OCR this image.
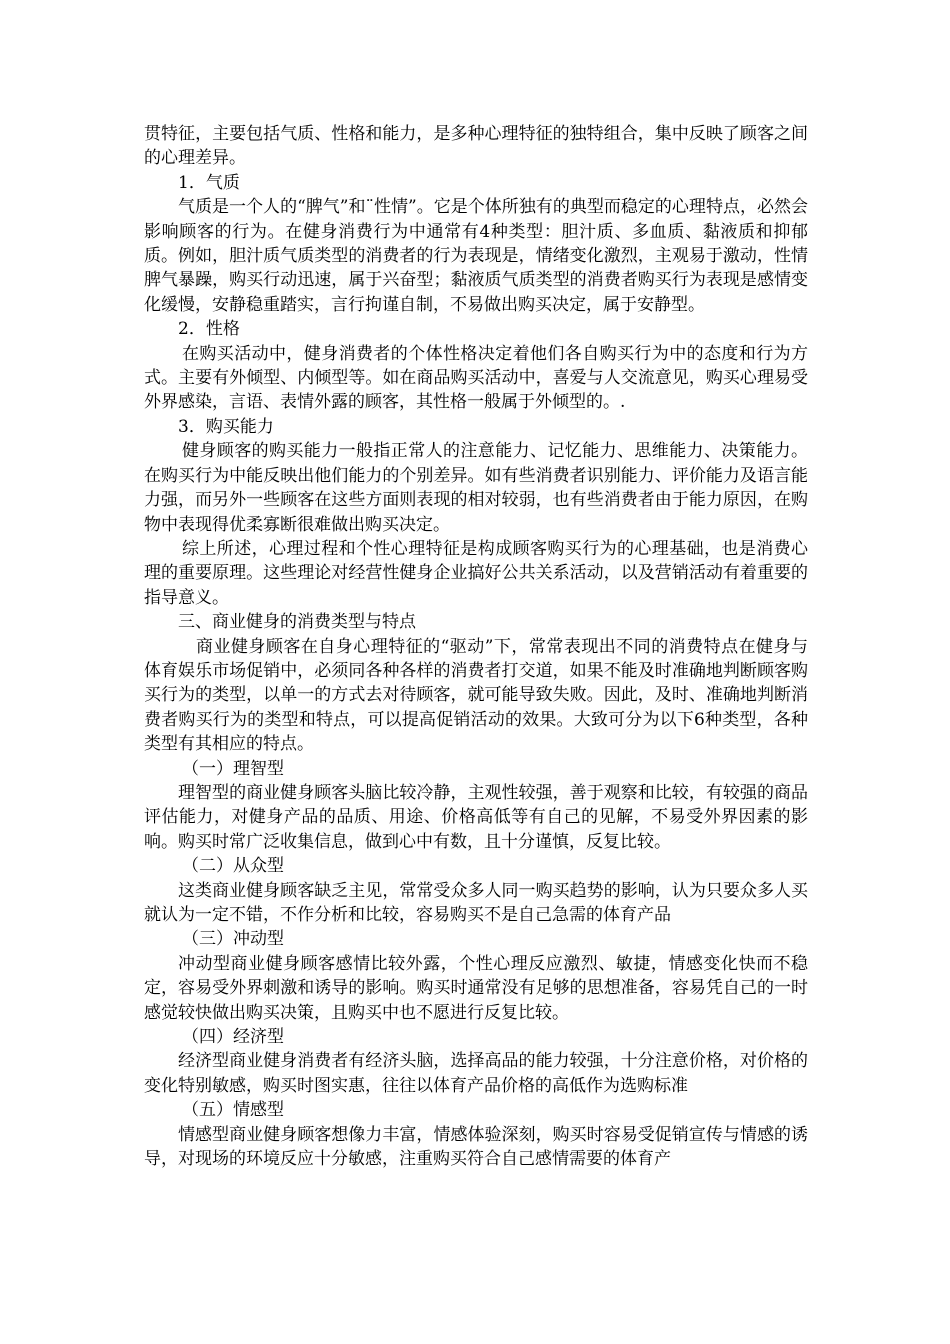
贯特征，主要包括气质、性格和能力，是多种心理特征的独特组合，集中反映了顾客之间的心理差异。

1．气质

气质是一个人的“脾气”和¨性情”。它是个体所独有的典型而稳定的心理特点，必然会影响顾客的行为。在健身消费行为中通常有4种类型：胆汁质、多血质、黏液质和抑郁质。例如，胆汁质气质类型的消费者的行为表现是，情绪变化激烈，主观易于激动，性情脾气暴躁，购买行动迅速，属于兴奋型；黏液质气质类型的消费者购买行为表现是感情变化缓慢，安静稳重踏实，言行拘谨自制，不易做出购买决定，属于安静型。

2．性格

在购买活动中，健身消费者的个体性格决定着他们各自购买行为中的态度和行为方式。主要有外倾型、内倾型等。如在商品购买活动中，喜爱与人交流意见，购买心理易受外界感染，言语、表情外露的顾客，其性格一般属于外倾型的。.

3．购买能力

健身顾客的购买能力一般指正常人的注意能力、记忆能力、思维能力、决策能力。在购买行为中能反映出他们能力的个别差异。如有些消费者识别能力、评价能力及语言能力强，而另外一些顾客在这些方面则表现的相对较弱，也有些消费者由于能力原因，在购物中表现得优柔寡断很难做出购买决定。

综上所述，心理过程和个性心理特征是构成顾客购买行为的心理基础，也是消费心理的重要原理。这些理论对经营性健身企业搞好公共关系活动，以及营销活动有着重要的指导意义。

三、商业健身的消费类型与特点

商业健身顾客在自身心理特征的“驱动”下，常常表现出不同的消费特点在健身与体育娱乐市场促销中，必须同各种各样的消费者打交道，如果不能及时准确地判断顾客购买行为的类型，以单一的方式去对待顾客，就可能导致失败。因此，及时、准确地判断消费者购买行为的类型和特点，可以提高促销活动的效果。大致可分为以下6种类型，各种类型有其相应的特点。

（一）理智型

理智型的商业健身顾客头脑比较冷静，主观性较强，善于观察和比较，有较强的商品评估能力，对健身产品的品质、用途、价格高低等有自己的见解，不易受外界因素的影响。购买时常广泛收集信息，做到心中有数，且十分谨慎，反复比较。

（二）从众型

这类商业健身顾客缺乏主见，常常受众多人同一购买趋势的影响，认为只要众多人买就认为一定不错，不作分析和比较，容易购买不是自己急需的体育产品

（三）冲动型

冲动型商业健身顾客感情比较外露，个性心理反应激烈、敏捷，情感变化快而不稳定，容易受外界刺激和诱导的影响。购买时通常没有足够的思想准备，容易凭自己的一时感觉较快做出购买决策，且购买中也不愿进行反复比较。

（四）经济型

经济型商业健身消费者有经济头脑，选择高品的能力较强，十分注意价格，对价格的变化特别敏感，购买时图实惠，往往以体育产品价格的高低作为选购标准

（五）情感型

情感型商业健身顾客想像力丰富，情感体验深刻，购买时容易受促销宣传与情感的诱导，对现场的环境反应十分敏感，注重购买符合自己感情需要的体育产
